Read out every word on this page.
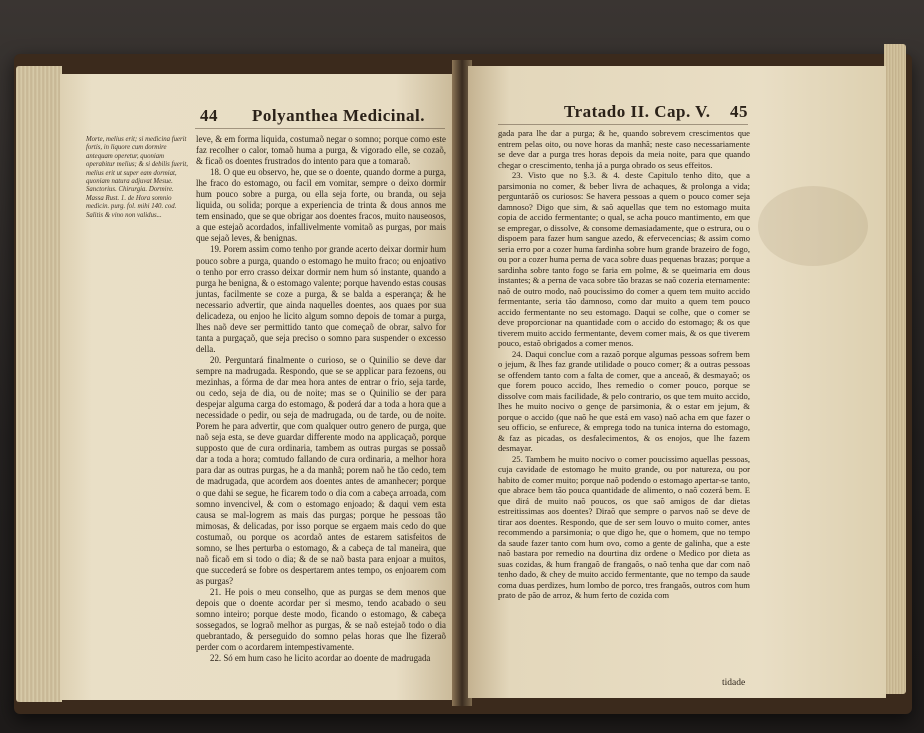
44 Polyanthea Medicinal.
Morte, melius erit; si medicina fuerit fortis, in liquore cum dormire antequam operetur, quoniam operabitur melius; & si debilis fuerit, melius erit ut super eam dormiat, quoniam natura adjuvat Mesue. Sanctorius. Chirurgia. Dormire. Massa Rust. 1. de Hora somnio medicin. purg. fol. mihi 140. cod. Salitis & vino non validus...

leve, & em forma liquida, costumaõ negar o somno; porque como este faz recolher o calor, tomaõ huma a purga, & vigorado elle, se cozaõ, & ficaõ os doentes frustrados do intento para que a tomaraõ.

18. O que eu observo, he, que se o doente, quando dorme a purga, lhe fraco do estomago, ou facil em vomitar, sempre o deixo dormir hum pouco sobre a purga, ou ella seja forte, ou branda, ou seja liquida, ou solida; porque a experiencia de trinta & dous annos me tem ensinado, que se que obrigar aos doentes fracos, muito nauseosos, a que estejaõ acordados, infallivelmente vomitaõ as purgas, por mais que sejaõ leves, & benignas.

19. Porem assim como tenho por grande acerto deixar dormir hum pouco sobre a purga, quando o estomago he muito fraco; ou enjoativo o tenho por erro crasso deixar dormir nem hum só instante, quando a purga he benigna, & o estomago valente; porque havendo estas cousas juntas, facilmente se coze a purga, & se balda a esperança; & he necessario advertir, que ainda naquelles doentes, aos quaes por sua delicadeza, ou enjoo he licito algum somno depois de tomar a purga, lhes naõ deve ser permittido tanto que começaõ de obrar, salvo for tanta a purgaçaõ, que seja preciso o somno para suspender o excesso della.

20. Perguntará finalmente o curioso, se o Quinilio se deve dar sempre na madrugada. Respondo, que se se applicar para fezoens, ou mezinhas, a fórma de dar mea hora antes de entrar o frio, seja tarde, ou cedo, seja de dia, ou de noite; mas se o Quinilio se der para despejar alguma carga do estomago, & poderá dar a toda a hora que a necessidade o pedir, ou seja de madrugada, ou de tarde, ou de noite. Porem he para advertir, que com qualquer outro genero de purga, que naõ seja esta, se deve guardar differente modo na applicaçaõ, porque supposto que de cura ordinaria, tambem as outras purgas se possaõ dar a toda a hora; comtudo fallando de cura ordinaria, a melhor hora para dar as outras purgas, he a da manhã; porem naõ he tão cedo, tem de madrugada, que acordem aos doentes antes de amanhecer; porque o que dahi se segue, he ficarem todo o dia com a cabeça arroada, com somno invencivel, & com o estomago enjoado; & daqui vem esta causa se mal-logrem as mais das purgas; porque he pessoas tão mimosas, & delicadas, por isso porque se ergaem mais cedo do que costumaõ, ou porque os acordaõ antes de estarem satisfeitos de somno, se lhes perturba o estomago, & a cabeça de tal maneira, que naõ ficaõ em si todo o dia; & de se naõ basta para enjoar a muitos, que succederá se fobre os despertarem antes tempo, os enjoarem com as purgas?

21. He pois o meu conselho, que as purgas se dem menos que depois que o doente acordar per si mesmo, tendo acabado o seu somno inteiro; porque deste modo, ficando o estomago, & cabeça sossegados, se lograõ melhor as purgas, & se naõ estejaõ todo o dia quebrantado, & perseguido do somno pelas horas que lhe fizeraõ perder com o acordarem intempestivamente.

22. Só em hum caso he licito acordar ao doente de madrugada

Tratado II. Cap. V. 45

gada para lhe dar a purga; & he, quando sobrevem crescimentos que entrem pelas oito, ou nove horas da manhã; neste caso necessariamente se deve dar a purga tres horas depois da meia noite, para que quando chegar o crescimento, tenha já a purga obrado os seus effeitos.

23. Visto que no §.3. & 4. deste Capitulo tenho dito, que a parsimonia no comer, & beber livra de achaques, & prolonga a vida; perguntaráõ os curiosos: Se havera pessoas a quem o pouco comer seja damnoso? Digo que sim, & saõ aquellas que tem no estomago muita copia de accido fermentante; o qual, se acha pouco mantimento, em que se empregar, o dissolve, & consome demasiadamente, que o estrura, ou o dispoem para fazer hum sangue azedo, & efervecencias; & assim como seria erro por a cozer huma fardinha sobre hum grande brazeiro de fogo, ou por a cozer huma perna de vaca sobre duas pequenas brazas; porque a sardinha sobre tanto fogo se faria em polme, & se queimaria em dous instantes; & a perna de vaca sobre tão brazas se naõ cozeria eternamente: naõ de outro modo, naõ poucissimo do comer a quem tem muito accido fermentante, seria tão damnoso, como dar muito a quem tem pouco accido fermentante no seu estomago. Daqui se colhe, que o comer se deve proporcionar na quantidade com o accido do estomago; & os que tiverem muito accido fermentante, devem comer mais, & os que tiverem pouco, estaõ obrigados a comer menos.

24. Daqui conclue com a razaõ porque algumas pessoas sofrem bem o jejum, & lhes faz grande utilidade o pouco comer; & a outras pessoas se offendem tanto com a falta de comer, que a anceaõ, & desmayaõ; os que forem pouco accido, lhes remedio o comer pouco, porque se dissolve com mais facilidade, & pelo contrario, os que tem muito accido, lhes he muito nocivo o gençe de parsimonia, & o estar em jejum, & porque o accido (que naõ he que está em vaso) naõ acha em que fazer o seu officio, se enfurece, & emprega todo na tunica interna do estomago, & faz as picadas, os desfalecimentos, & os enojos, que lhe fazem desmayar.

25. Tambem he muito nocivo o comer poucissimo aquellas pessoas, cuja cavidade de estomago he muito grande, ou por natureza, ou por habito de comer muito; porque naõ podendo o estomago apertar-se tanto, que abrace bem tão pouca quantidade de alimento, o naõ cozerá bem. E que dirá de muito naõ poucos, os que saõ amigos de dar dietas estreitissimas aos doentes? Diraõ que sempre o parvos naõ se deve de tirar aos doentes. Respondo, que de ser sem louvo o muito comer, antes recommendo a parsimonia; o que digo he, que o homem, que no tempo da saude fazer tanto com hum ovo, como a gente de galinha, que a este naõ bastara por remedio na dourtina diz ordene o Medico por dieta as suas cozidas, & hum frangaõ de frangaõs, o naõ tenha que dar com naõ tenho dado, & chey de muito accido fermentante, que no tempo da saude coma duas perdizes, hum lombo de porco, tres frangaõs, outros com hum prato de pão de arroz, & hum ferto de cozida com

tidade
